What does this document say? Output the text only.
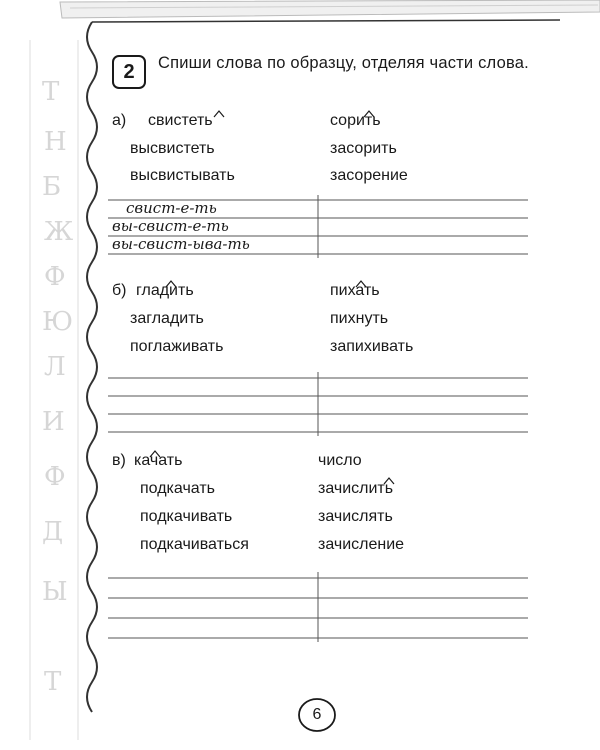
Т
Н
Б
Ж
Ф
Ю
Л
И
Ф
Д
Ы
Т
2	Спиши слова по образцу, отделяя части слова.
а) свистеть
высвистеть
высвистывать
сорить
засорить
засорение
свист-е-ть
вы-свист-е-ть
вы-свист-ыва-ть
б) гладить
загладить
поглаживать
пихать
пихнуть
запихивать
в) качать
подкачать
подкачивать
подкачиваться
число
зачислить
зачислять
зачисление
6
